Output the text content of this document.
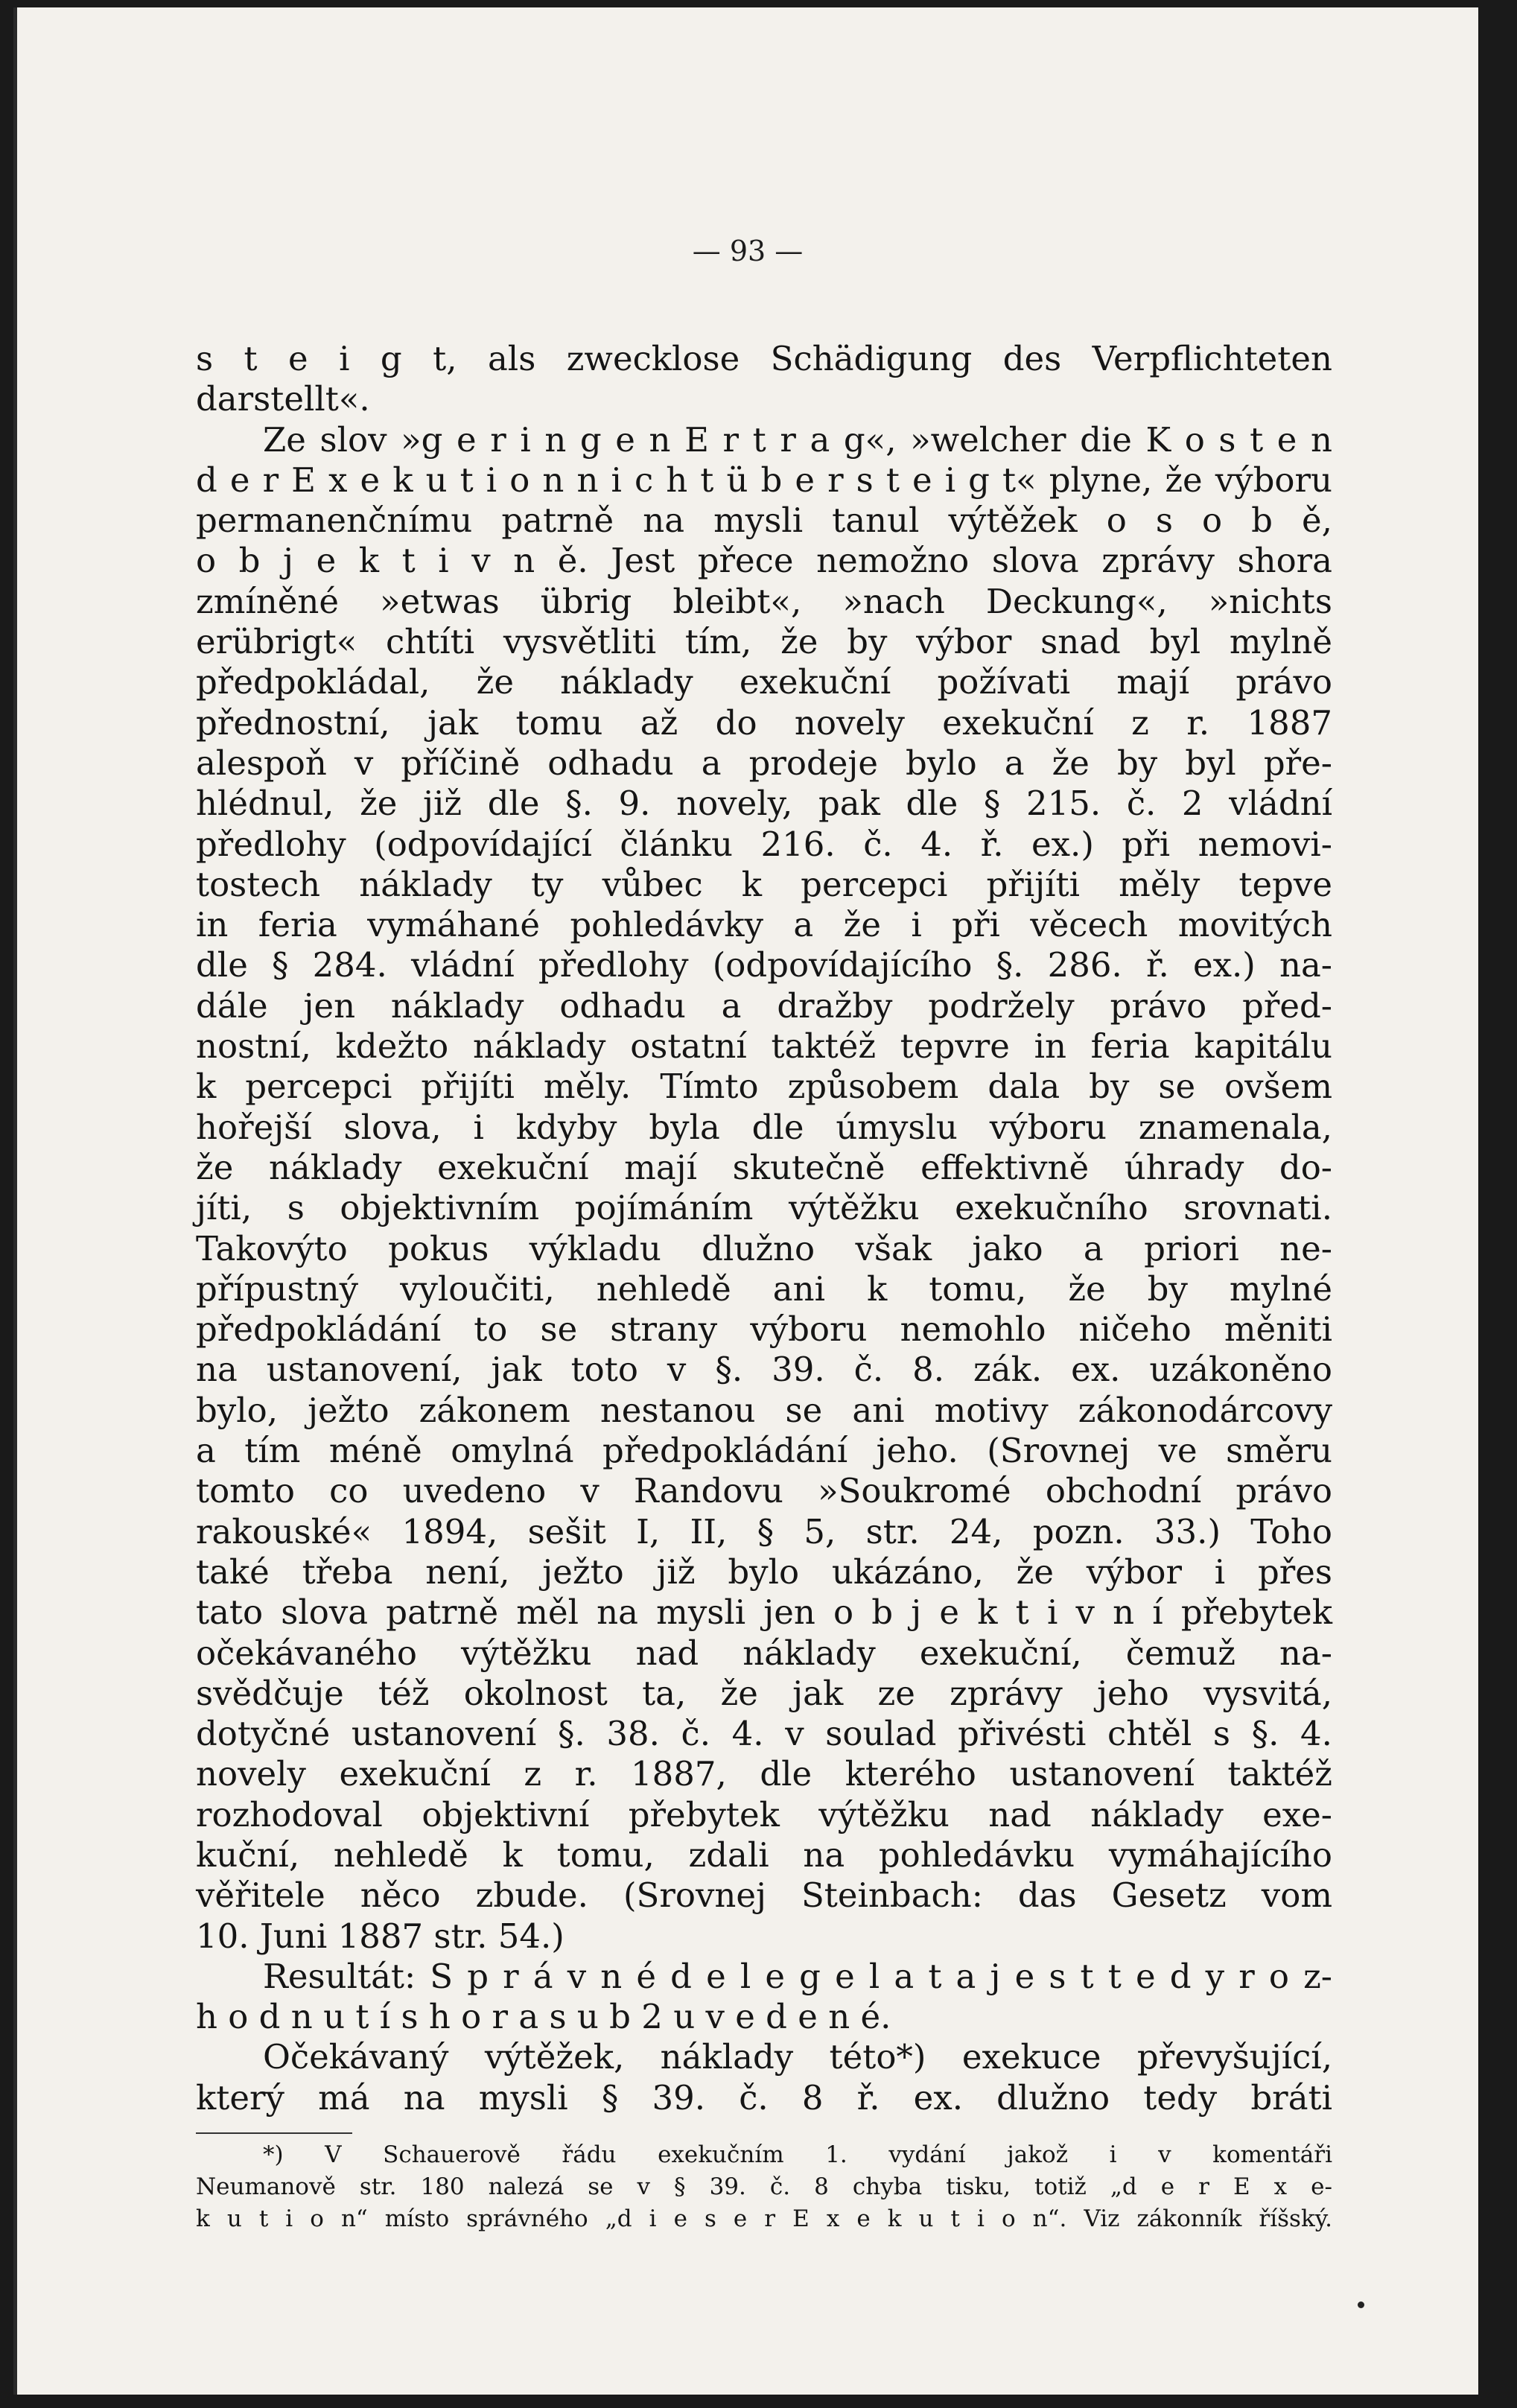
— 93 —
s t e i g t, als zwecklose Schädigung des Verpflichteten
darstellt«.
Ze slov »g e r i n g e n E r t r a g«, »welcher die K o s t e n
d e r E x e k u t i o n n i c h t ü b e r s t e i g t« plyne, že výboru
permanenčnímu patrně na mysli tanul výtěžek o s o b ě,
o b j e k t i v n ě. Jest přece nemožno slova zprávy shora
zmíněné »etwas übrig bleibt«, »nach Deckung«, »nichts
erübrigt« chtíti vysvětliti tím, že by výbor snad byl mylně
předpokládal, že náklady exekuční požívati mají právo
přednostní, jak tomu až do novely exekuční z r. 1887
alespoň v příčině odhadu a prodeje bylo a že by byl pře-
hlédnul, že již dle §. 9. novely, pak dle § 215. č. 2 vládní
předlohy (odpovídající článku 216. č. 4. ř. ex.) při nemovi-
tostech náklady ty vůbec k percepci přijíti měly tepve
in feria vymáhané pohledávky a že i při věcech movitých
dle § 284. vládní předlohy (odpovídajícího §. 286. ř. ex.) na-
dále jen náklady odhadu a dražby podržely právo před-
nostní, kdežto náklady ostatní taktéž tepvre in feria kapitálu
k percepci přijíti měly. Tímto způsobem dala by se ovšem
hořejší slova, i kdyby byla dle úmyslu výboru znamenala,
že náklady exekuční mají skutečně effektivně úhrady do-
jíti, s objektivním pojímáním výtěžku exekučního srovnati.
Takovýto pokus výkladu dlužno však jako a priori ne-
přípustný vyloučiti, nehledě ani k tomu, že by mylné
předpokládání to se strany výboru nemohlo ničeho měniti
na ustanovení, jak toto v §. 39. č. 8. zák. ex. uzákoněno
bylo, ježto zákonem nestanou se ani motivy zákonodárcovy
a tím méně omylná předpokládání jeho. (Srovnej ve směru
tomto co uvedeno v Randovu »Soukromé obchodní právo
rakouské« 1894, sešit I, II, § 5, str. 24, pozn. 33.) Toho
také třeba není, ježto již bylo ukázáno, že výbor i přes
tato slova patrně měl na mysli jen o b j e k t i v n í přebytek
očekávaného výtěžku nad náklady exekuční, čemuž na-
svědčuje též okolnost ta, že jak ze zprávy jeho vysvitá,
dotyčné ustanovení §. 38. č. 4. v soulad přivésti chtěl s §. 4.
novely exekuční z r. 1887, dle kterého ustanovení taktéž
rozhodoval objektivní přebytek výtěžku nad náklady exe-
kuční, nehledě k tomu, zdali na pohledávku vymáhajícího
věřitele něco zbude. (Srovnej Steinbach: das Gesetz vom
10. Juni 1887 str. 54.)
Resultát: S p r á v n é d e l e g e l a t a j e s t t e d y r o z-
h o d n u t í s h o r a s u b 2 u v e d e n é.
Očekávaný výtěžek, náklady této*) exekuce převyšující,
který má na mysli § 39. č. 8 ř. ex. dlužno tedy bráti
*) V Schauerově řádu exekučním 1. vydání jakož i v komentáři
Neumanově str. 180 nalezá se v § 39. č. 8 chyba tisku, totiž „d e r E x e-
k u t i o n“ místo správného „d i e s e r E x e k u t i o n“. Viz zákonník říšský.
